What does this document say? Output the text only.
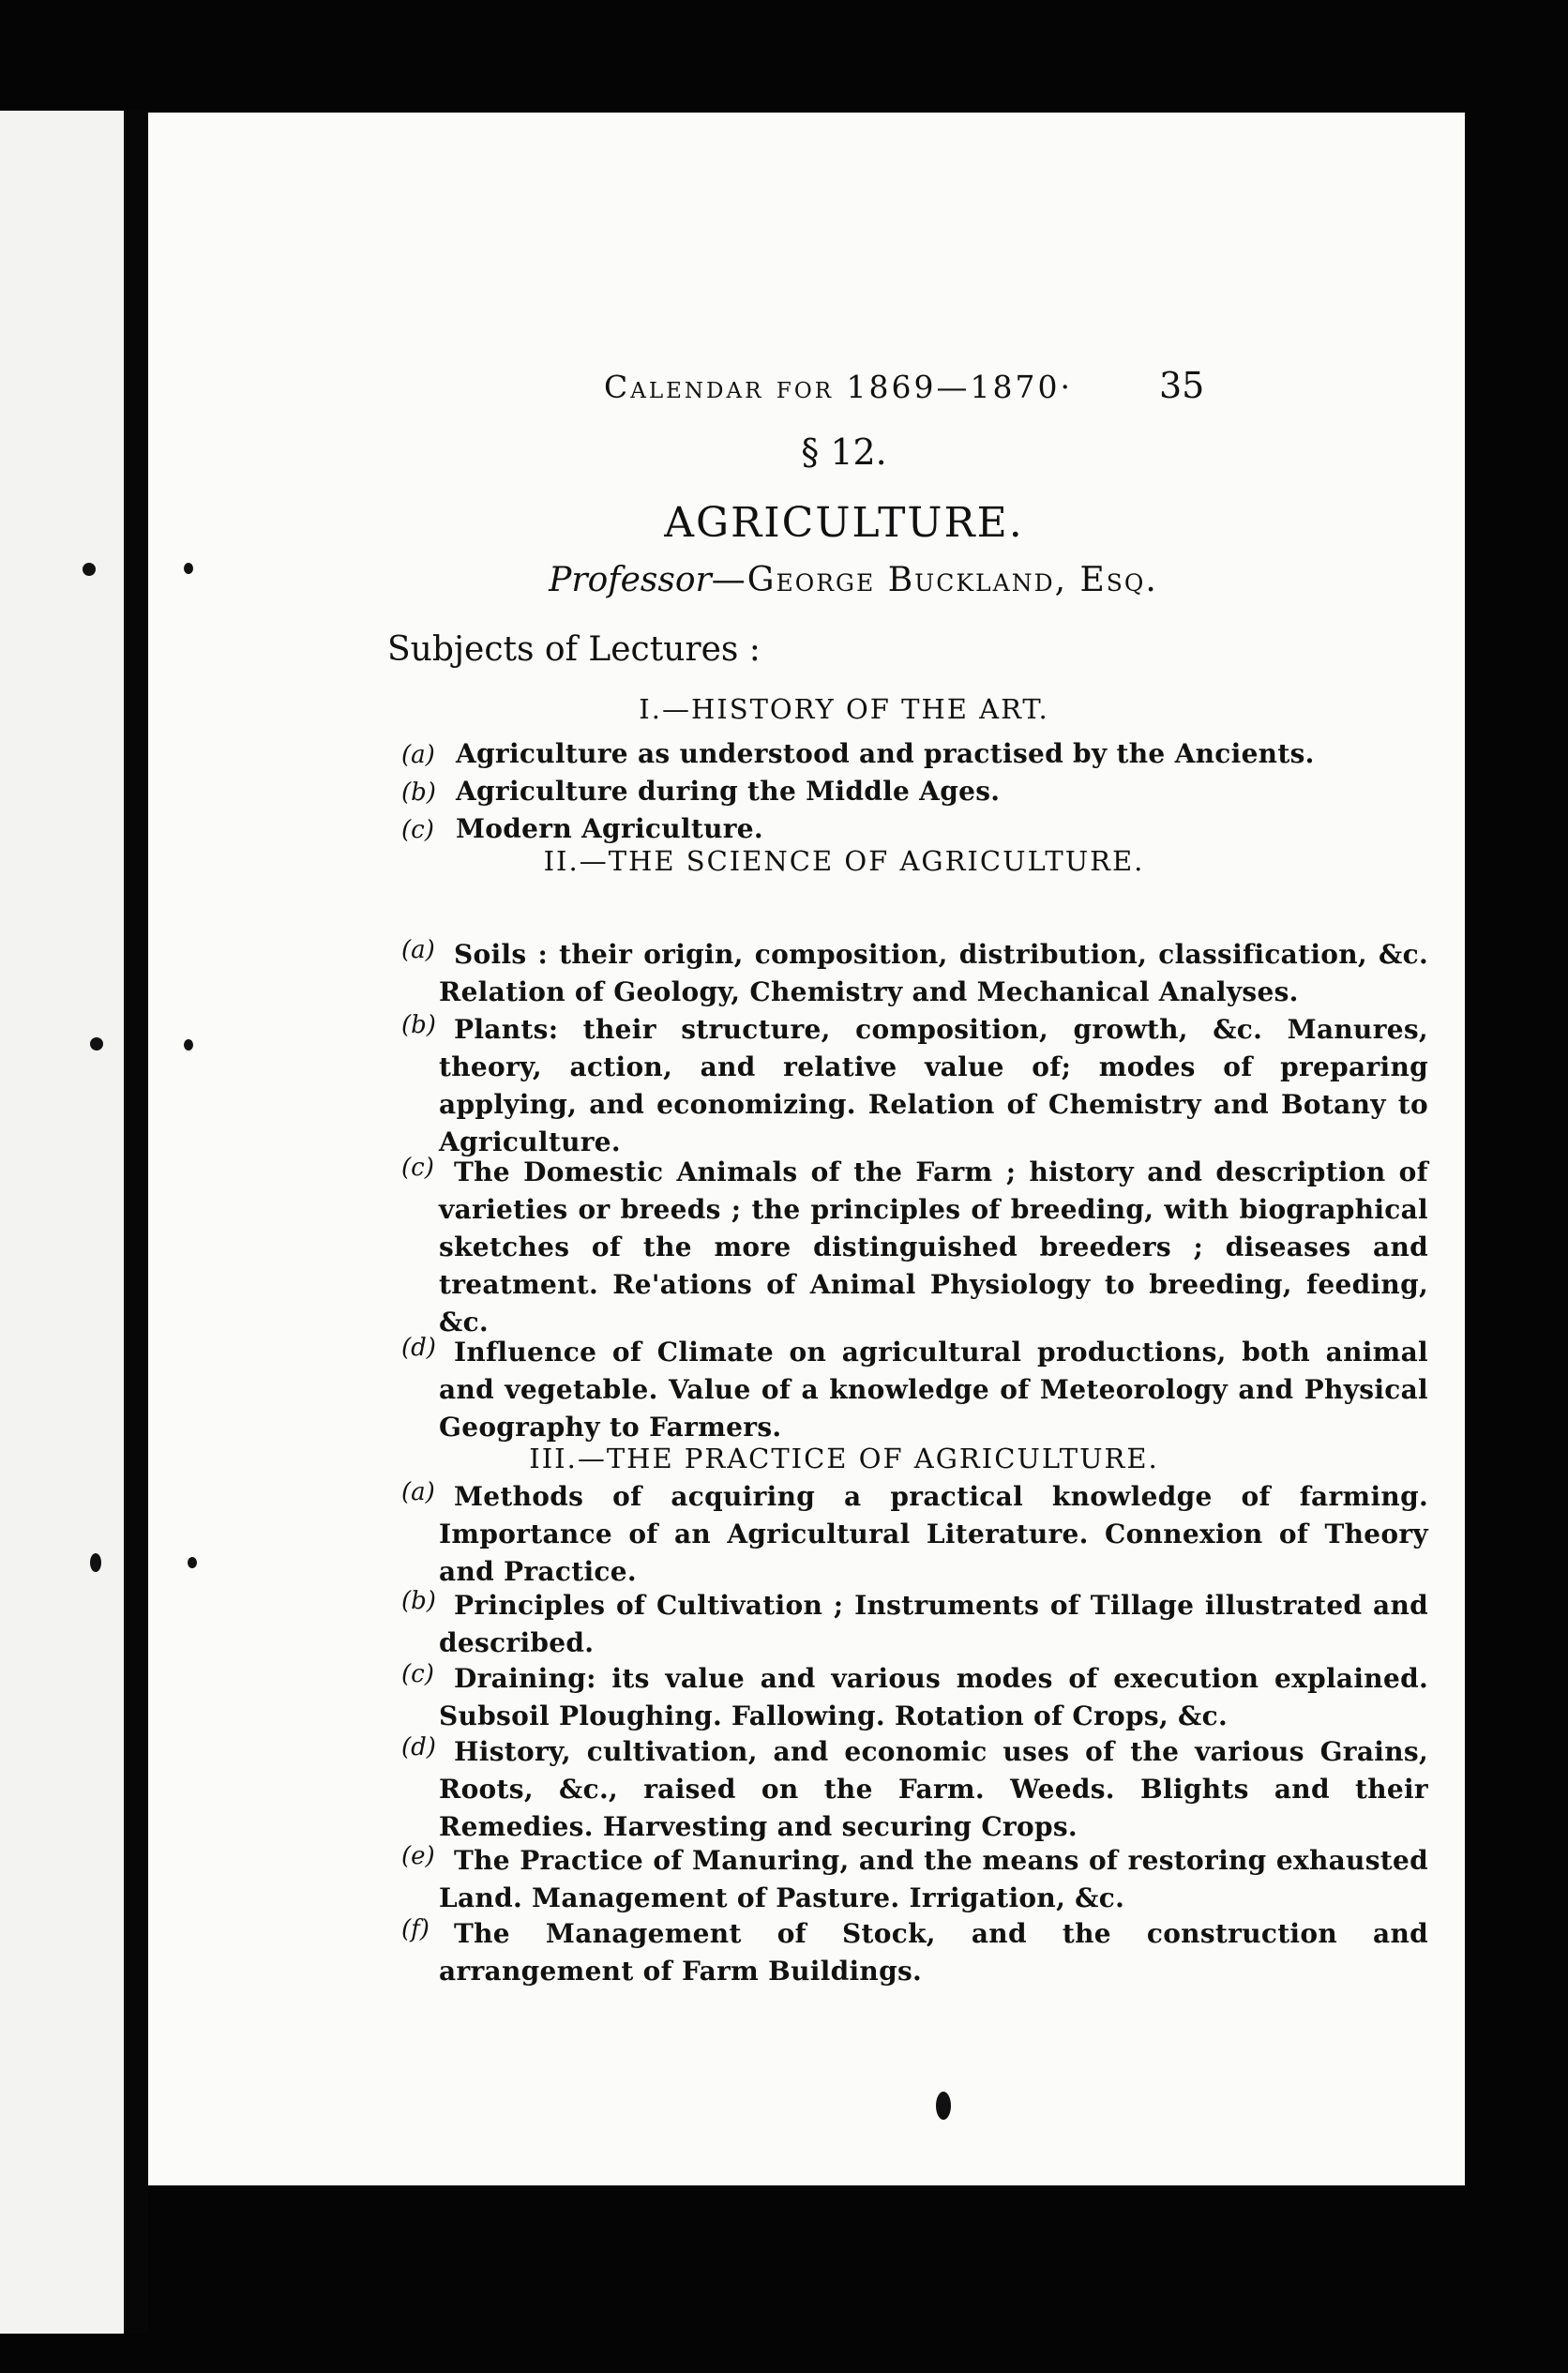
Calendar for 1869—1870· 35
§ 12.
AGRICULTURE.
Professor—George Buckland, Esq.
Subjects of Lectures :
I.—HISTORY OF THE ART.
(a) Agriculture as understood and practised by the Ancients.
(b) Agriculture during the Middle Ages.
(c) Modern Agriculture.
II.—THE SCIENCE OF AGRICULTURE.
(a) Soils : their origin, composition, distribution, classification, &c. Relation of Geology, Chemistry and Mechanical Analyses.
(b) Plants: their structure, composition, growth, &c. Manures, theory, action, and relative value of; modes of preparing applying, and economizing. Relation of Chemistry and Botany to Agriculture.
(c) The Domestic Animals of the Farm ; history and description of varieties or breeds ; the principles of breeding, with biographical sketches of the more distinguished breeders ; diseases and treatment. Re'ations of Animal Physiology to breeding, feeding, &c.
(d) Influence of Climate on agricultural productions, both animal and vegetable. Value of a knowledge of Meteorology and Physical Geography to Farmers.
III.—THE PRACTICE OF AGRICULTURE.
(a) Methods of acquiring a practical knowledge of farming. Importance of an Agricultural Literature. Connexion of Theory and Practice.
(b) Principles of Cultivation ; Instruments of Tillage illustrated and described.
(c) Draining: its value and various modes of execution explained. Subsoil Ploughing. Fallowing. Rotation of Crops, &c.
(d) History, cultivation, and economic uses of the various Grains, Roots, &c., raised on the Farm. Weeds. Blights and their Remedies. Harvesting and securing Crops.
(e) The Practice of Manuring, and the means of restoring exhausted Land. Management of Pasture. Irrigation, &c.
(f) The Management of Stock, and the construction and arrangement of Farm Buildings.
